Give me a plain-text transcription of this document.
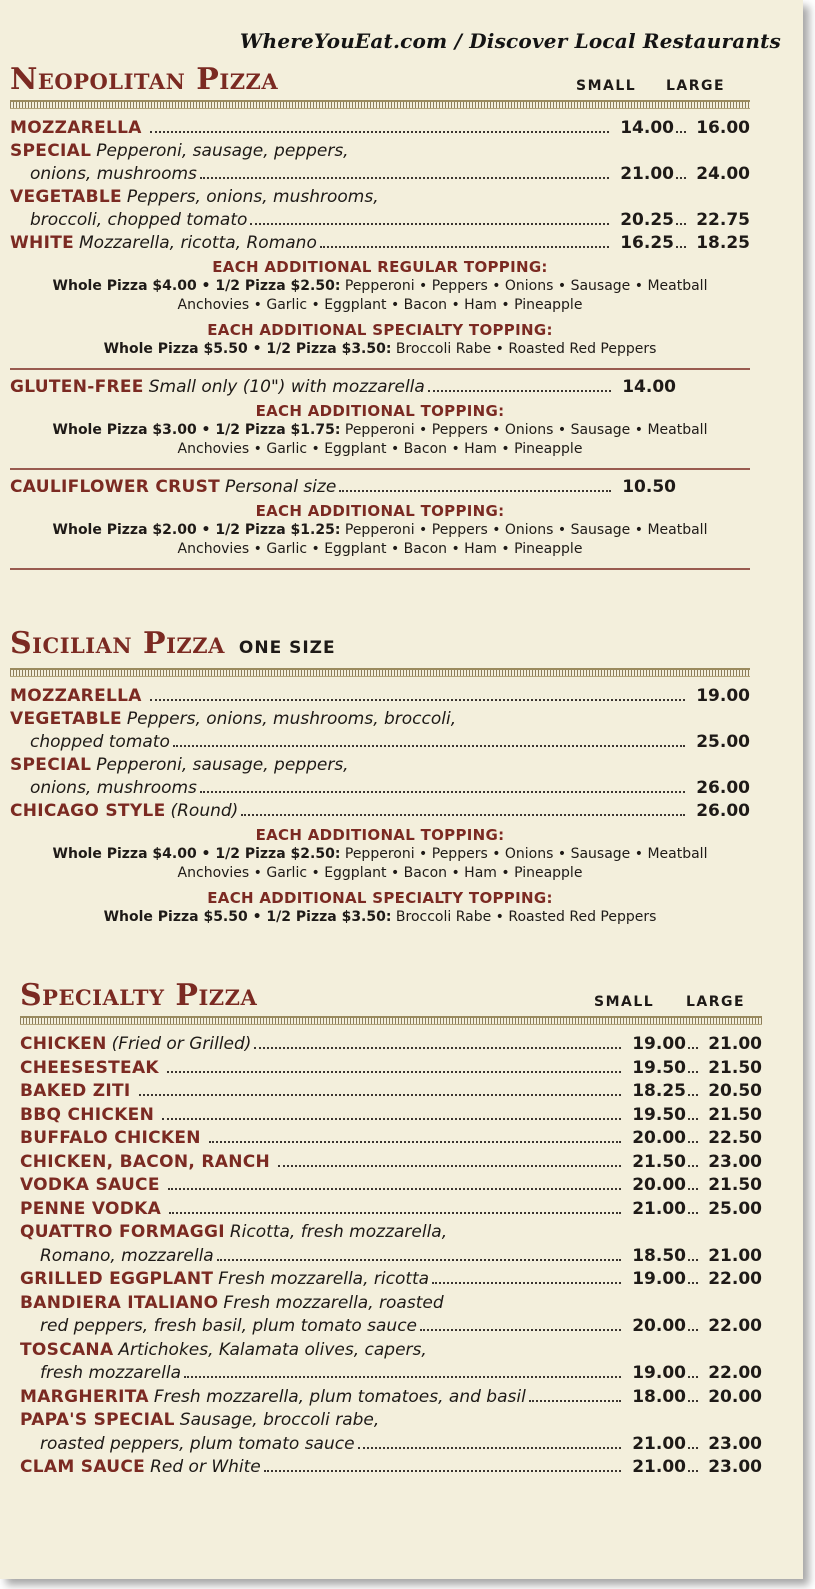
WhereYouEat.com / Discover Local Restaurants
Neopolitan Pizza	SMALL LARGE
MOZZARELLA	14.00	16.00
SPECIAL Pepperoni, sausage, peppers,
onions, mushrooms	21.00	24.00
VEGETABLE Peppers, onions, mushrooms,
broccoli, chopped tomato	20.25	22.75
WHITE Mozzarella, ricotta, Romano	16.25	18.25
EACH ADDITIONAL REGULAR TOPPING:
Whole Pizza $4.00 • 1/2 Pizza $2.50: Pepperoni • Peppers • Onions • Sausage • Meatball
Anchovies • Garlic • Eggplant • Bacon • Ham • Pineapple
EACH ADDITIONAL SPECIALTY TOPPING:
Whole Pizza $5.50 • 1/2 Pizza $3.50: Broccoli Rabe • Roasted Red Peppers
GLUTEN-FREE Small only (10") with mozzarella	14.00
EACH ADDITIONAL TOPPING:
Whole Pizza $3.00 • 1/2 Pizza $1.75: Pepperoni • Peppers • Onions • Sausage • Meatball
Anchovies • Garlic • Eggplant • Bacon • Ham • Pineapple
CAULIFLOWER CRUST Personal size	10.50
EACH ADDITIONAL TOPPING:
Whole Pizza $2.00 • 1/2 Pizza $1.25: Pepperoni • Peppers • Onions • Sausage • Meatball
Anchovies • Garlic • Eggplant • Bacon • Ham • Pineapple
Sicilian Pizza ONE SIZE
MOZZARELLA	19.00
VEGETABLE Peppers, onions, mushrooms, broccoli,
chopped tomato	25.00
SPECIAL Pepperoni, sausage, peppers,
onions, mushrooms	26.00
CHICAGO STYLE (Round)	26.00
EACH ADDITIONAL TOPPING:
Whole Pizza $4.00 • 1/2 Pizza $2.50: Pepperoni • Peppers • Onions • Sausage • Meatball
Anchovies • Garlic • Eggplant • Bacon • Ham • Pineapple
EACH ADDITIONAL SPECIALTY TOPPING:
Whole Pizza $5.50 • 1/2 Pizza $3.50: Broccoli Rabe • Roasted Red Peppers
Specialty Pizza	SMALL LARGE
CHICKEN (Fried or Grilled)	19.00	21.00
CHEESESTEAK	19.50	21.50
BAKED ZITI	18.25	20.50
BBQ CHICKEN	19.50	21.50
BUFFALO CHICKEN	20.00	22.50
CHICKEN, BACON, RANCH	21.50	23.00
VODKA SAUCE	20.00	21.50
PENNE VODKA	21.00	25.00
QUATTRO FORMAGGI Ricotta, fresh mozzarella,
Romano, mozzarella	18.50	21.00
GRILLED EGGPLANT Fresh mozzarella, ricotta	19.00	22.00
BANDIERA ITALIANO Fresh mozzarella, roasted
red peppers, fresh basil, plum tomato sauce	20.00	22.00
TOSCANA Artichokes, Kalamata olives, capers,
fresh mozzarella	19.00	22.00
MARGHERITA Fresh mozzarella, plum tomatoes, and basil	18.00	20.00
PAPA'S SPECIAL Sausage, broccoli rabe,
roasted peppers, plum tomato sauce	21.00	23.00
CLAM SAUCE Red or White	21.00	23.00
